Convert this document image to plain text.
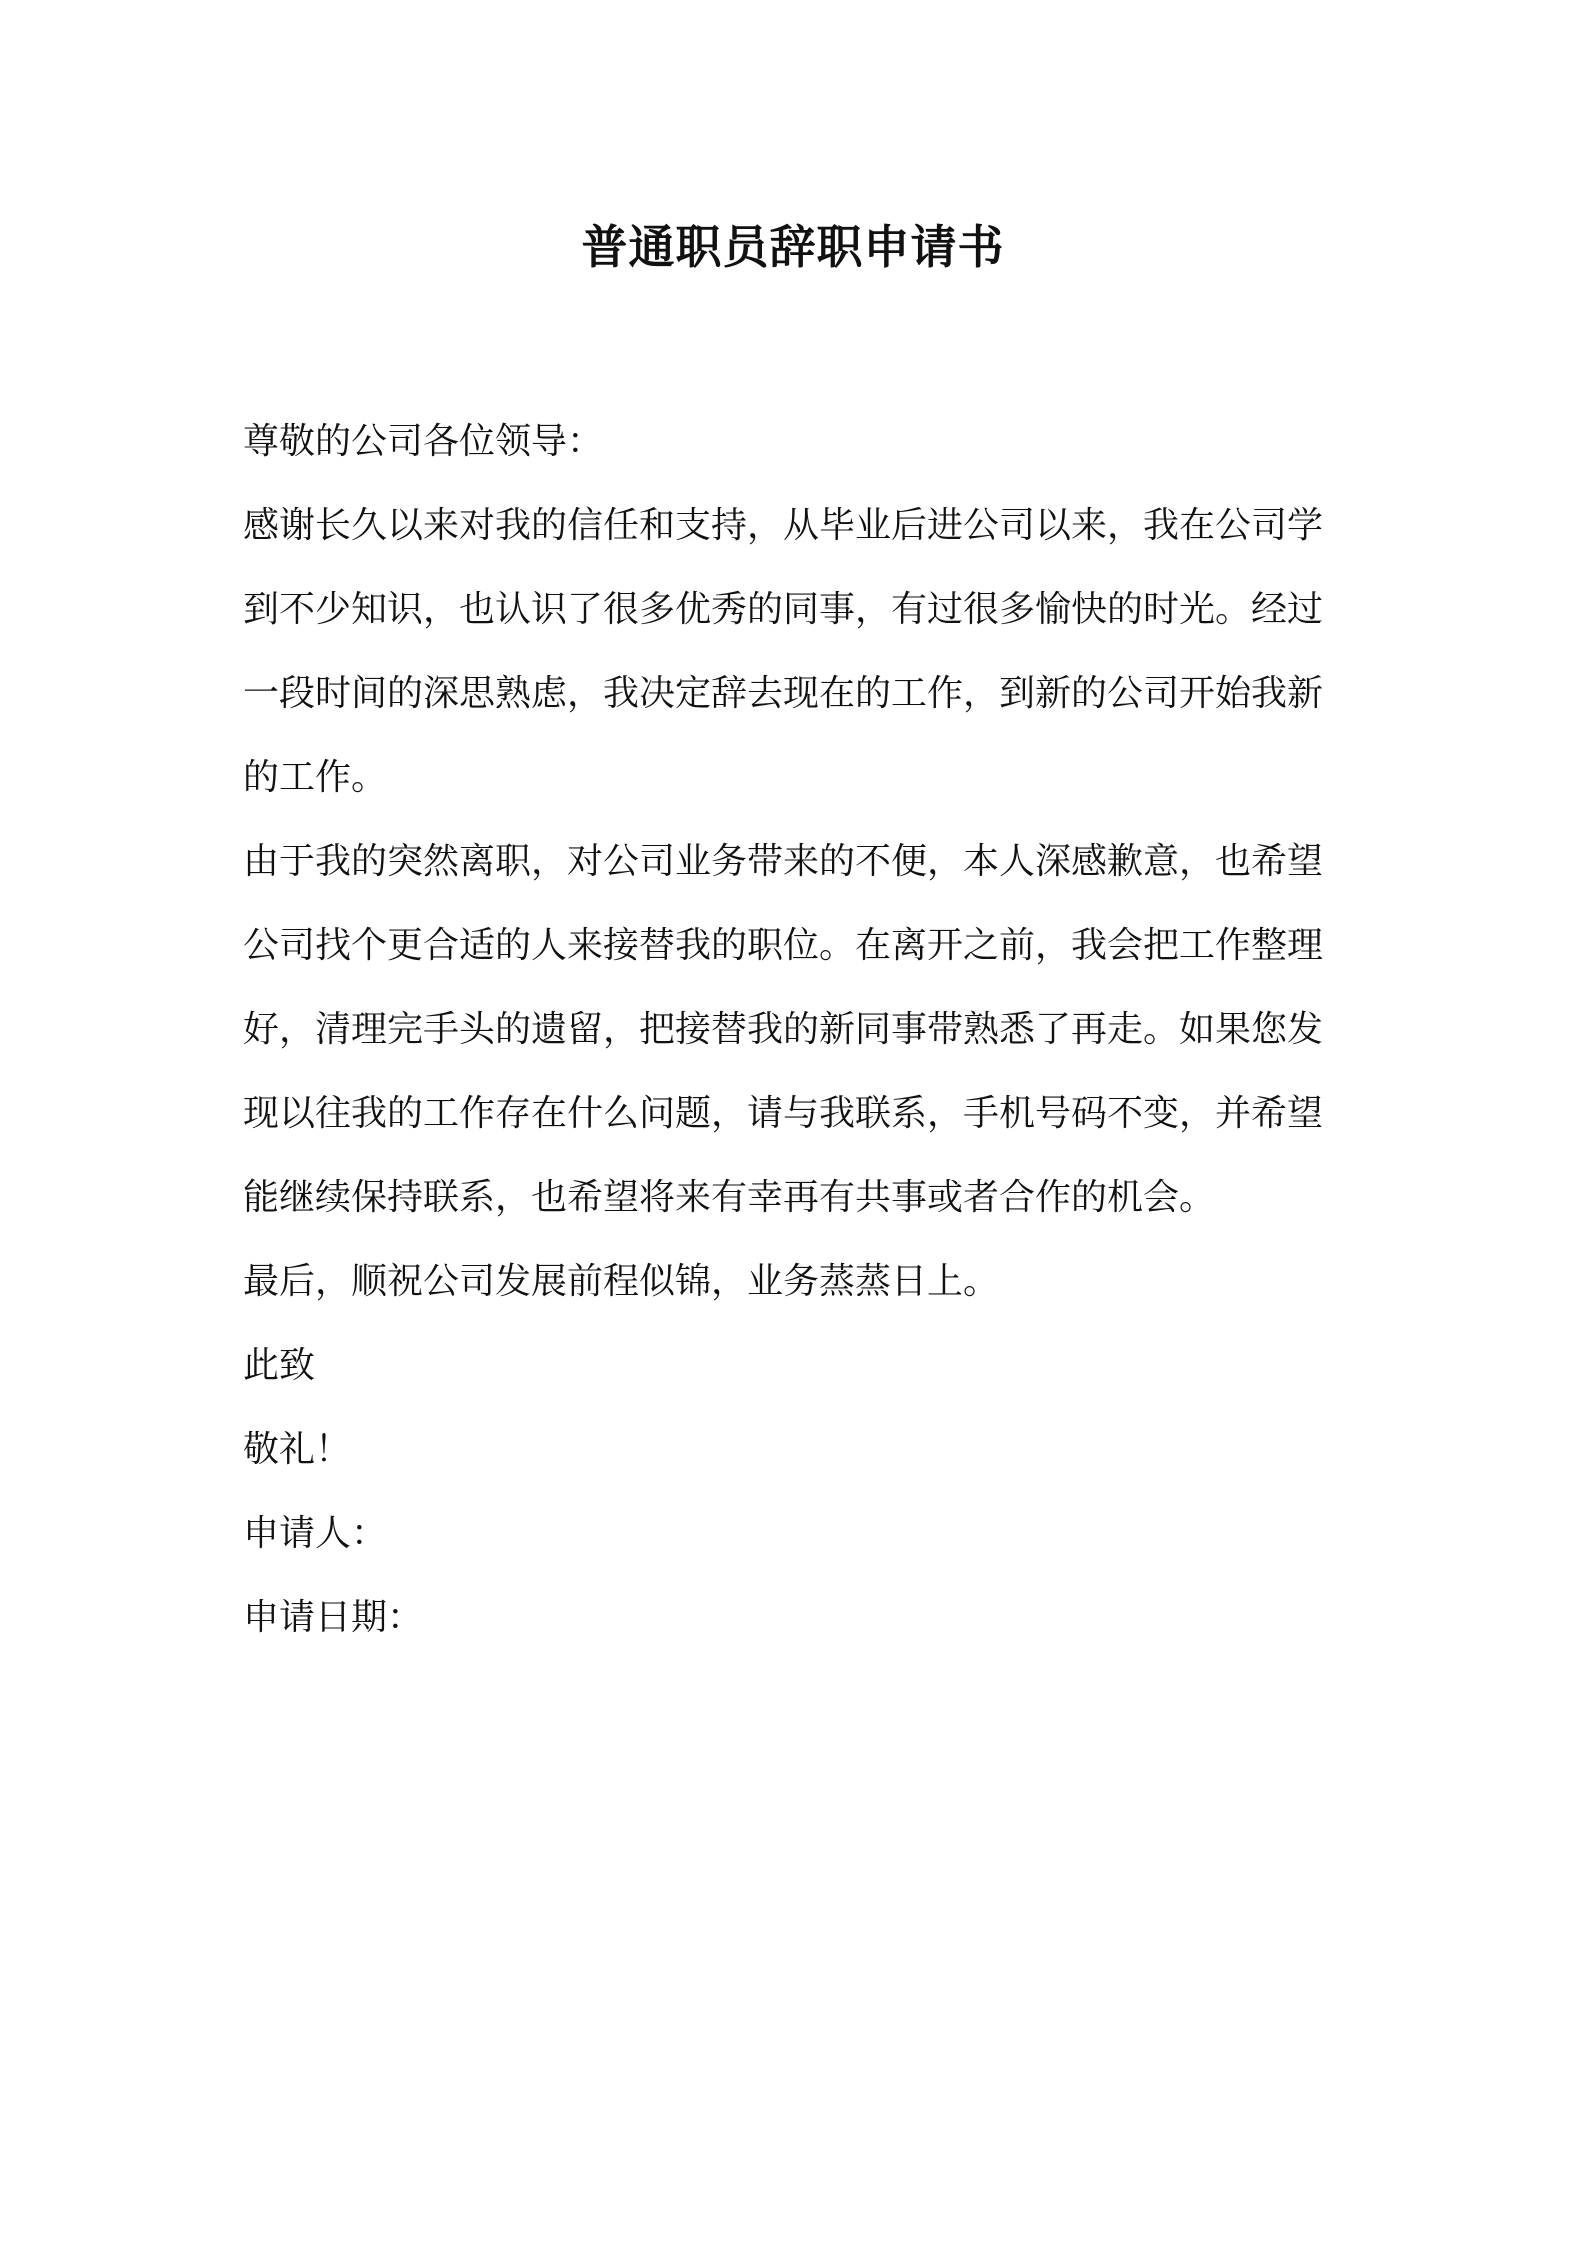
普通职员辞职申请书
尊敬的公司各位领导：
感谢长久以来对我的信任和支持，从毕业后进公司以来，我在公司学
到不少知识，也认识了很多优秀的同事，有过很多愉快的时光。经过
一段时间的深思熟虑，我决定辞去现在的工作，到新的公司开始我新
的工作。
由于我的突然离职，对公司业务带来的不便，本人深感歉意，也希望
公司找个更合适的人来接替我的职位。在离开之前，我会把工作整理
好，清理完手头的遗留，把接替我的新同事带熟悉了再走。如果您发
现以往我的工作存在什么问题，请与我联系，手机号码不变，并希望
能继续保持联系，也希望将来有幸再有共事或者合作的机会。
最后，顺祝公司发展前程似锦，业务蒸蒸日上。
此致
敬礼！
申请人：
申请日期：
